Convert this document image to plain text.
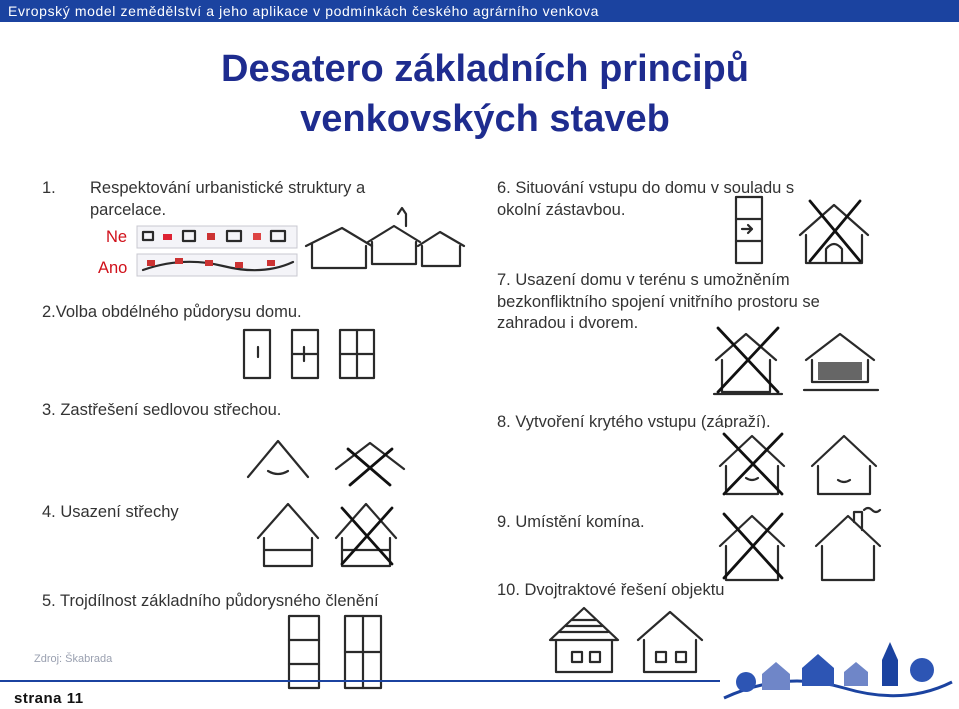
Evropský model zemědělství a jeho aplikace v podmínkách českého agrárního venkova
Desatero základních principů
venkovských staveb
1. Respektování urbanistické struktury a
parcelace.
Ne
Ano
2.Volba obdélného půdorysu domu.
3. Zastřešení sedlovou střechou.
4. Usazení střechy
5. Trojdílnost základního půdorysného členění
6. Situování vstupu do domu v souladu s
okolní zástavbou.
7. Usazení domu v terénu s umožněním
bezkonfliktního spojení vnitřního prostoru se
zahradou i dvorem.
8. Vytvoření krytého vstupu (zápraží).
9. Umístění komína.
10. Dvojtraktové řešení objektů
Zdroj: Škabrada
strana 11
